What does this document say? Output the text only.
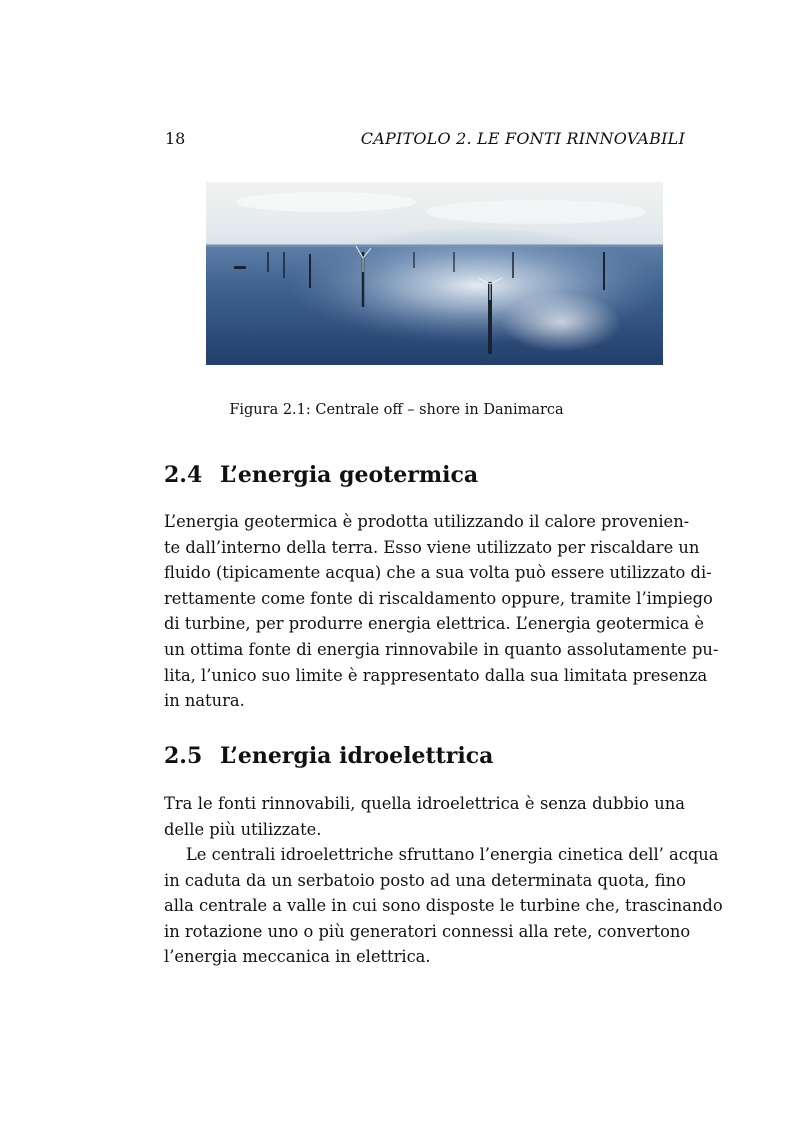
18	CAPITOLO 2. LE FONTI RINNOVABILI
Figura 2.1: Centrale off – shore in Danimarca
2.4 L’energia geotermica
L’energia geotermica è prodotta utilizzando il calore provenien-
te dall’interno della terra. Esso viene utilizzato per riscaldare un
fluido (tipicamente acqua) che a sua volta può essere utilizzato di-
rettamente come fonte di riscaldamento oppure, tramite l’impiego
di turbine, per produrre energia elettrica. L’energia geotermica è
un ottima fonte di energia rinnovabile in quanto assolutamente pu-
lita, l’unico suo limite è rappresentato dalla sua limitata presenza
in natura.
2.5 L’energia idroelettrica
Tra le fonti rinnovabili, quella idroelettrica è senza dubbio una
delle più utilizzate.
Le centrali idroelettriche sfruttano l’energia cinetica dell’ acqua
in caduta da un serbatoio posto ad una determinata quota, fino
alla centrale a valle in cui sono disposte le turbine che, trascinando
in rotazione uno o più generatori connessi alla rete, convertono
l’energia meccanica in elettrica.
